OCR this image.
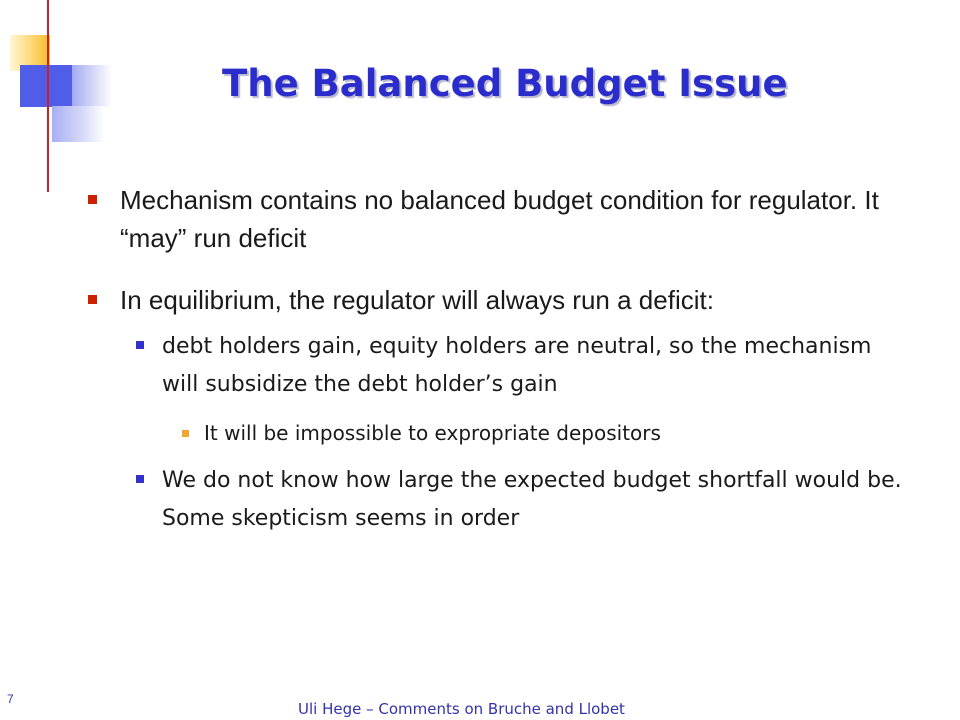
The Balanced Budget Issue
Mechanism contains no balanced budget condition for regulator. It “may” run deficit
In equilibrium, the regulator will always run a deficit:
debt holders gain, equity holders are neutral, so the mechanism will subsidize the debt holder’s gain
It will be impossible to expropriate depositors
We do not know how large the expected budget shortfall would be. Some skepticism seems in order
7
Uli Hege – Comments on Bruche and Llobet
